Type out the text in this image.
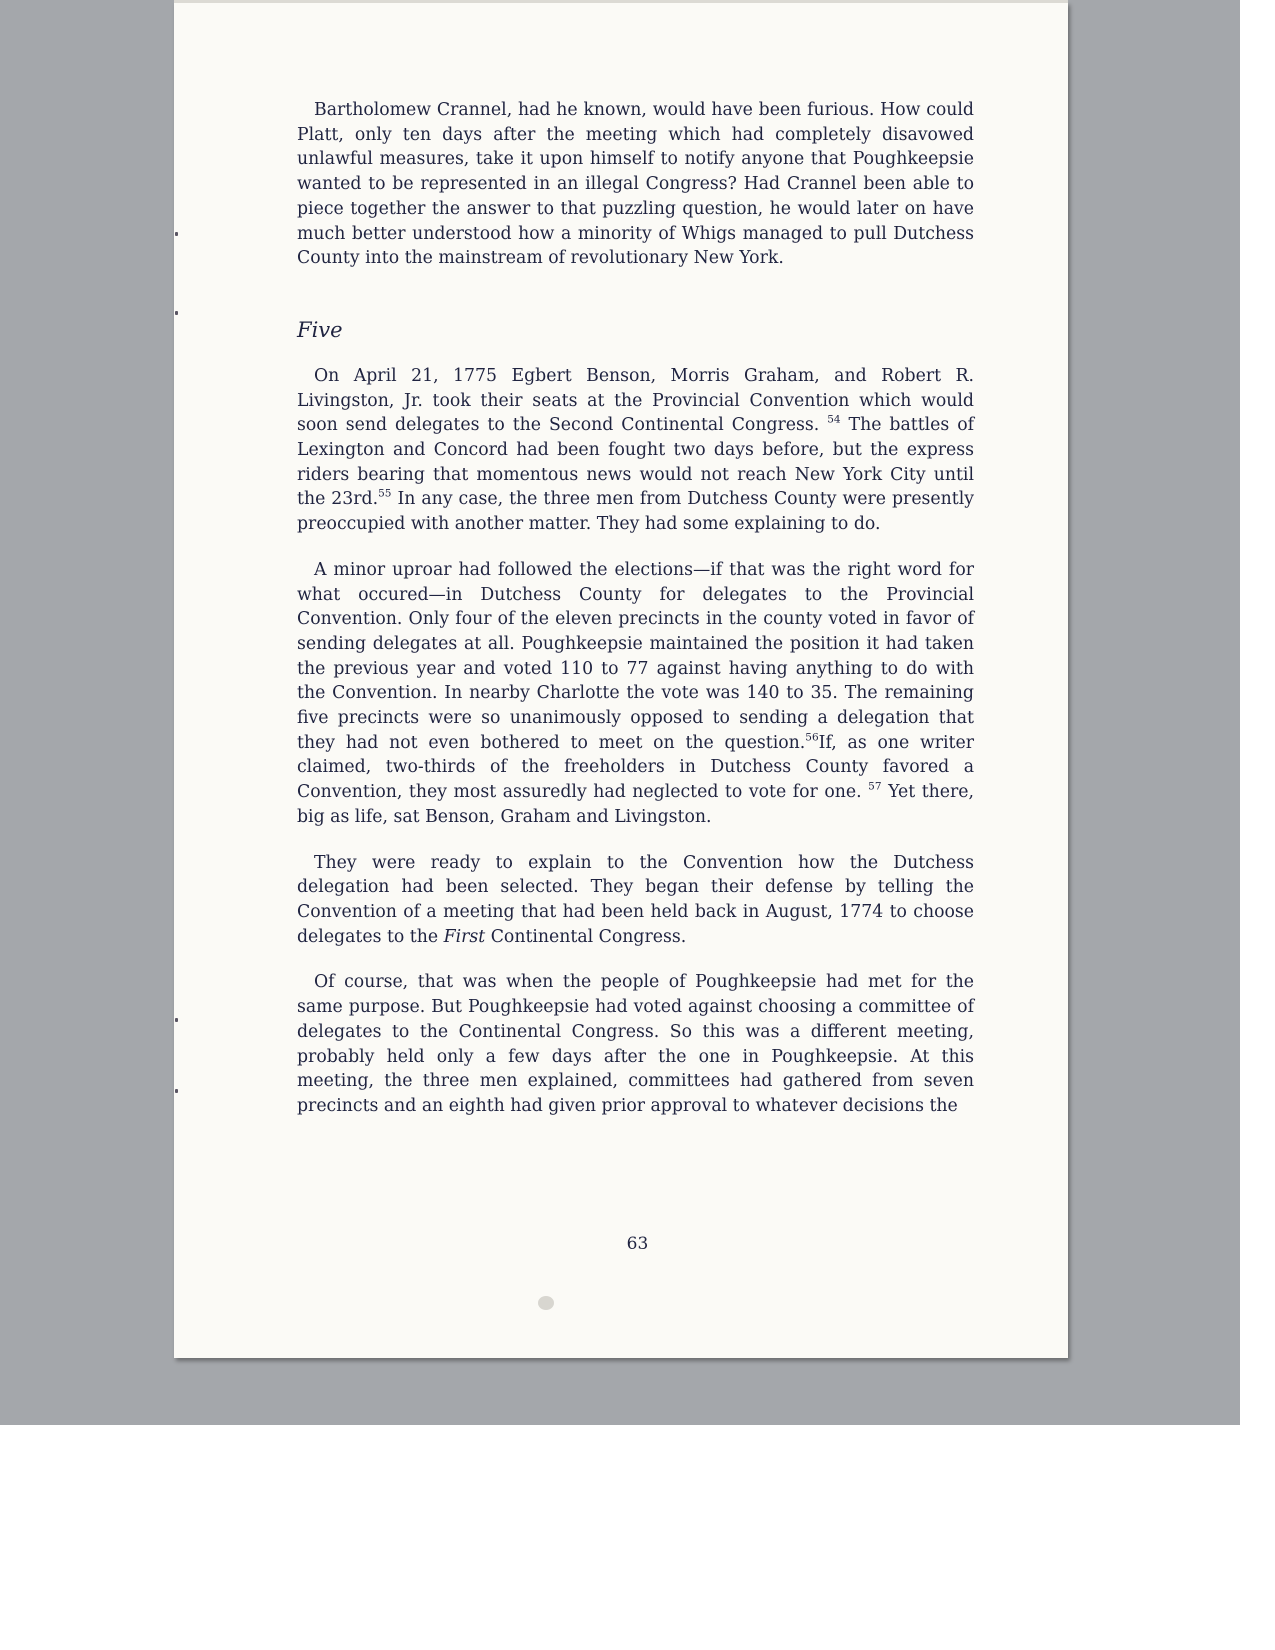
Bartholomew Crannel, had he known, would have been furious. How could Platt, only ten days after the meeting which had completely disavowed unlawful measures, take it upon himself to notify anyone that Poughkeepsie wanted to be represented in an illegal Congress? Had Crannel been able to piece together the answer to that puzzling question, he would later on have much better understood how a minority of Whigs managed to pull Dutchess County into the mainstream of revolutionary New York.

Five

On April 21, 1775 Egbert Benson, Morris Graham, and Robert R. Livingston, Jr. took their seats at the Provincial Convention which would soon send delegates to the Second Continental Congress. $^{54}$ The battles of Lexington and Concord had been fought two days before, but the express riders bearing that momentous news would not reach New York City until the 23rd.$^{55}$ In any case, the three men from Dutchess County were presently preoccupied with another matter. They had some explaining to do.

A minor uproar had followed the elections—if that was the right word for what occured—in Dutchess County for delegates to the Provincial Convention. Only four of the eleven precincts in the county voted in favor of sending delegates at all. Poughkeepsie maintained the position it had taken the previous year and voted 110 to 77 against having anything to do with the Convention. In nearby Charlotte the vote was 140 to 35. The remaining five precincts were so unanimously opposed to sending a delegation that they had not even bothered to meet on the question.$^{56}$If, as one writer claimed, two-thirds of the freeholders in Dutchess County favored a Convention, they most assuredly had neglected to vote for one. $^{57}$ Yet there, big as life, sat Benson, Graham and Livingston.

They were ready to explain to the Convention how the Dutchess delegation had been selected. They began their defense by telling the Convention of a meeting that had been held back in August, 1774 to choose delegates to the First Continental Congress.

Of course, that was when the people of Poughkeepsie had met for the same purpose. But Poughkeepsie had voted against choosing a committee of delegates to the Continental Congress. So this was a different meeting, probably held only a few days after the one in Poughkeepsie. At this meeting, the three men explained, committees had gathered from seven precincts and an eighth had given prior approval to whatever decisions the

63
